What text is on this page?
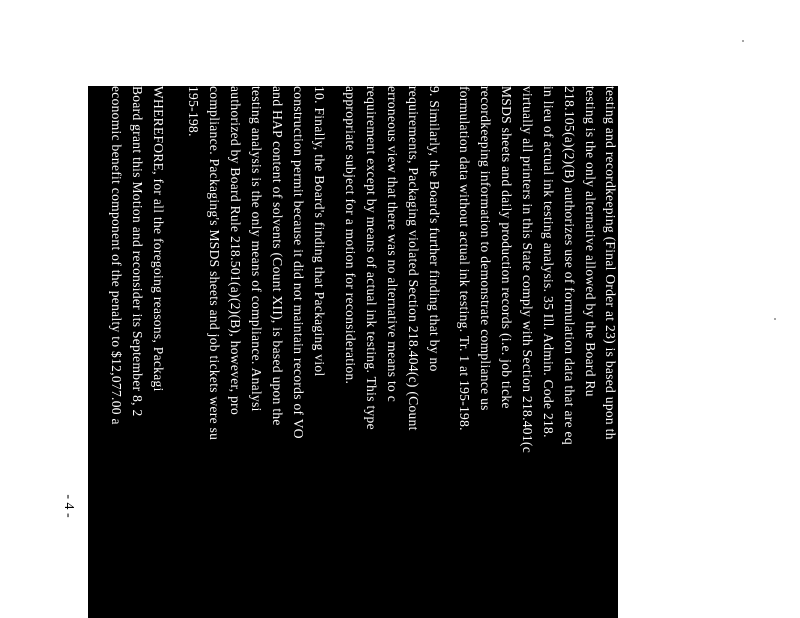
testing and recordkeeping (Final Order at 23) is based upon th
testing is the only alternative allowed by the Board Ru
218.105(a)(2)(B) authorizes use of formulation data that are eq
in lieu of actual ink testing analysis. 35 Ill. Admin. Code 218.
virtually all printers in this State comply with Section 218.401(c
MSDS sheets and daily production records (i.e. job ticke
recordkeeping information to demonstrate compliance us
formulation data without actual ink testing. Tr. 1 at 195-198.
9. Similarly, the Board's further finding that by no
requirements, Packaging violated Section 218.404(c) (Count
erroneous view that there was no alternative means to c
requirement except by means of actual ink testing. This type
appropriate subject for a motion for reconsideration.
10. Finally, the Board's finding that Packaging viol
construction permit because it did not maintain records of VO
and HAP content of solvents (Count XII), is based upon the
testing analysis is the only means of compliance. Analysi
authorized by Board Rule 218.501(a)(2)(B), however, pro
compliance. Packaging's MSDS sheets and job tickets were su
195-198.
WHEREFORE, for all the foregoing reasons, Packagi
Board grant this Motion and reconsider its September 8, 2
economic benefit component of the penalty to $12,077.00 a
- 4 -
